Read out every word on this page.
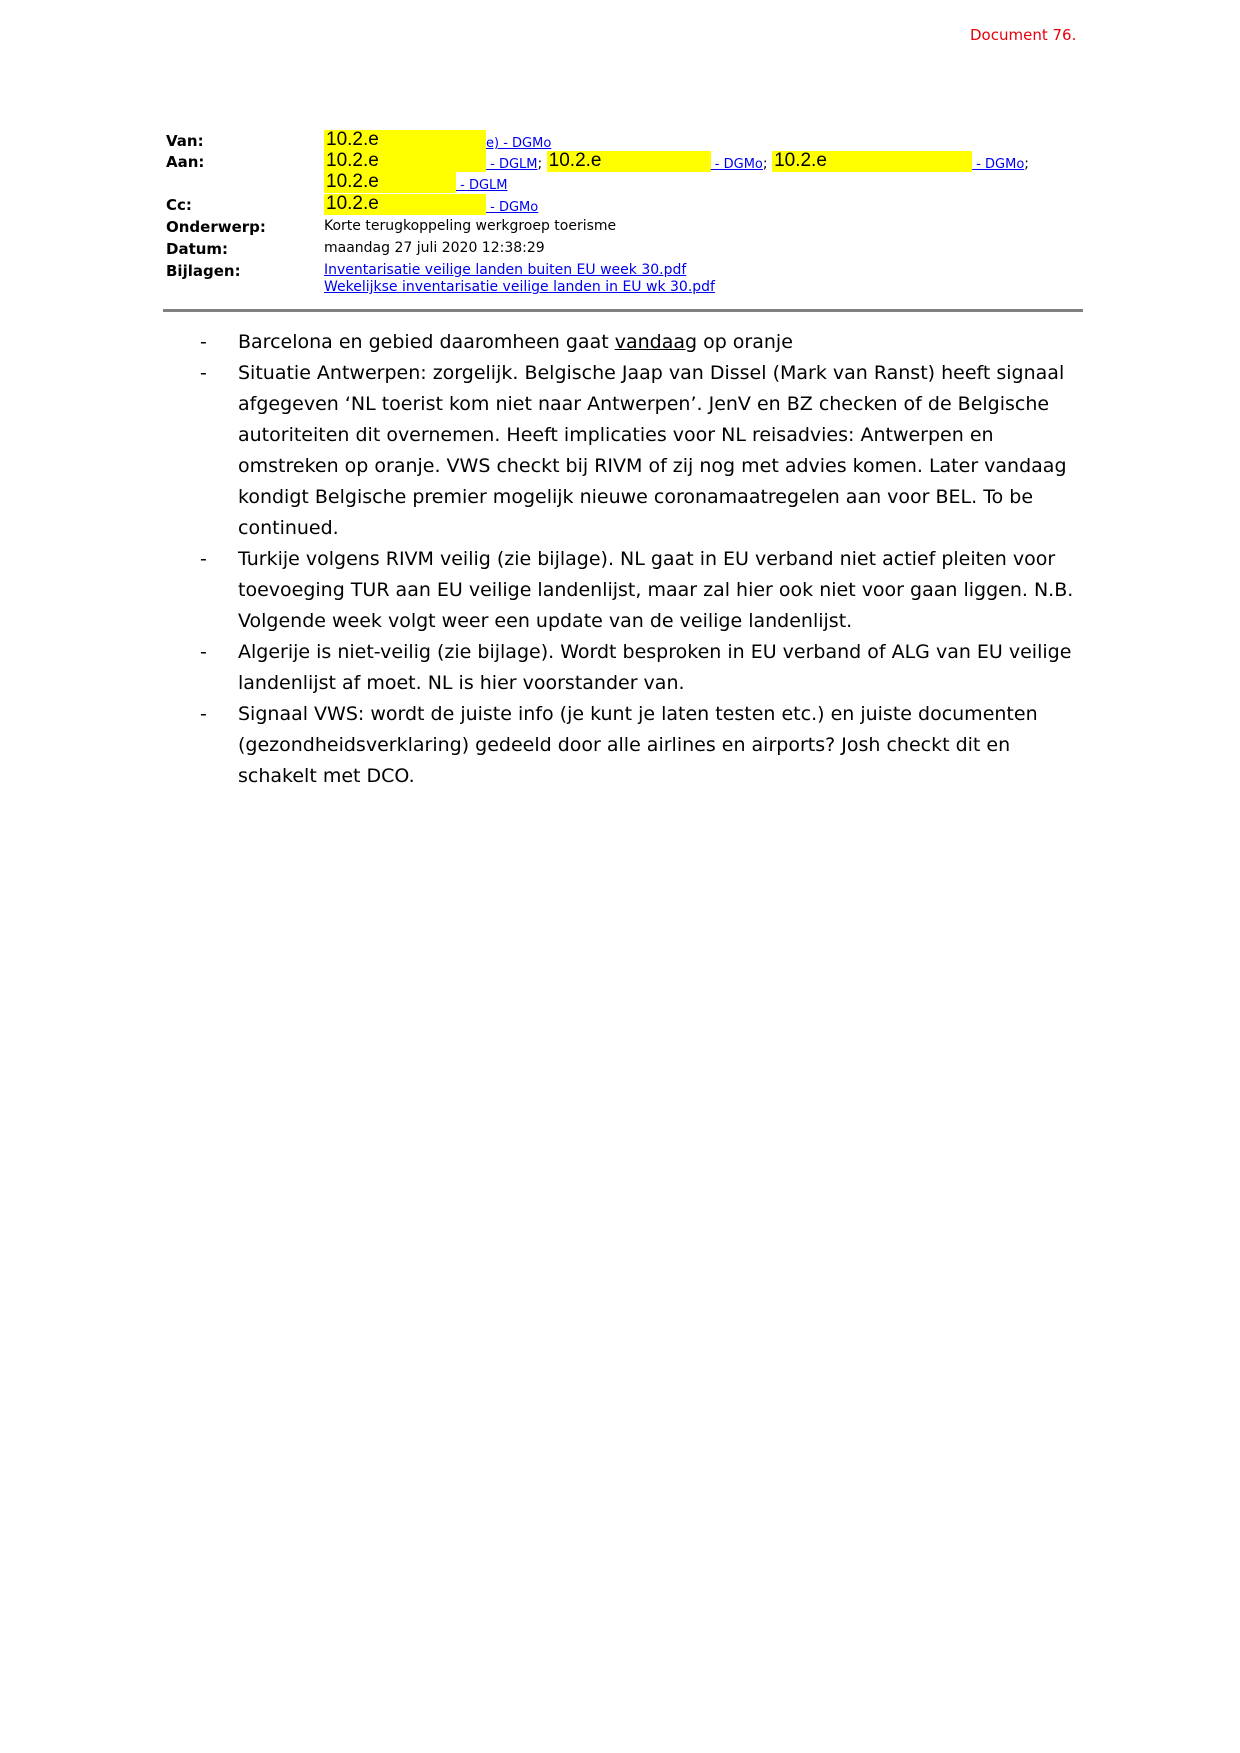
Document 76.
Van:	10.2.e	e) - DGMo
Aan:	10.2.e	- DGLM; 10.2.e	- DGMo; 10.2.e	- DGMo;
10.2.e	- DGLM
Cc:	10.2.e	- DGMo
Onderwerp:	Korte terugkoppeling werkgroep toerisme
Datum:	maandag 27 juli 2020 12:38:29
Bijlagen:	Inventarisatie veilige landen buiten EU week 30.pdf
Wekelijkse inventarisatie veilige landen in EU wk 30.pdf
- Barcelona en gebied daaromheen gaat vandaag op oranje
- Situatie Antwerpen: zorgelijk. Belgische Jaap van Dissel (Mark van Ranst) heeft signaal afgegeven ‘NL toerist kom niet naar Antwerpen’. JenV en BZ checken of de Belgische autoriteiten dit overnemen. Heeft implicaties voor NL reisadvies: Antwerpen en omstreken op oranje. VWS checkt bij RIVM of zij nog met advies komen. Later vandaag kondigt Belgische premier mogelijk nieuwe coronamaatregelen aan voor BEL. To be continued.
- Turkije volgens RIVM veilig (zie bijlage). NL gaat in EU verband niet actief pleiten voor toevoeging TUR aan EU veilige landenlijst, maar zal hier ook niet voor gaan liggen. N.B. Volgende week volgt weer een update van de veilige landenlijst.
- Algerije is niet-veilig (zie bijlage). Wordt besproken in EU verband of ALG van EU veilige landenlijst af moet. NL is hier voorstander van.
- Signaal VWS: wordt de juiste info (je kunt je laten testen etc.) en juiste documenten (gezondheidsverklaring) gedeeld door alle airlines en airports? Josh checkt dit en schakelt met DCO.
